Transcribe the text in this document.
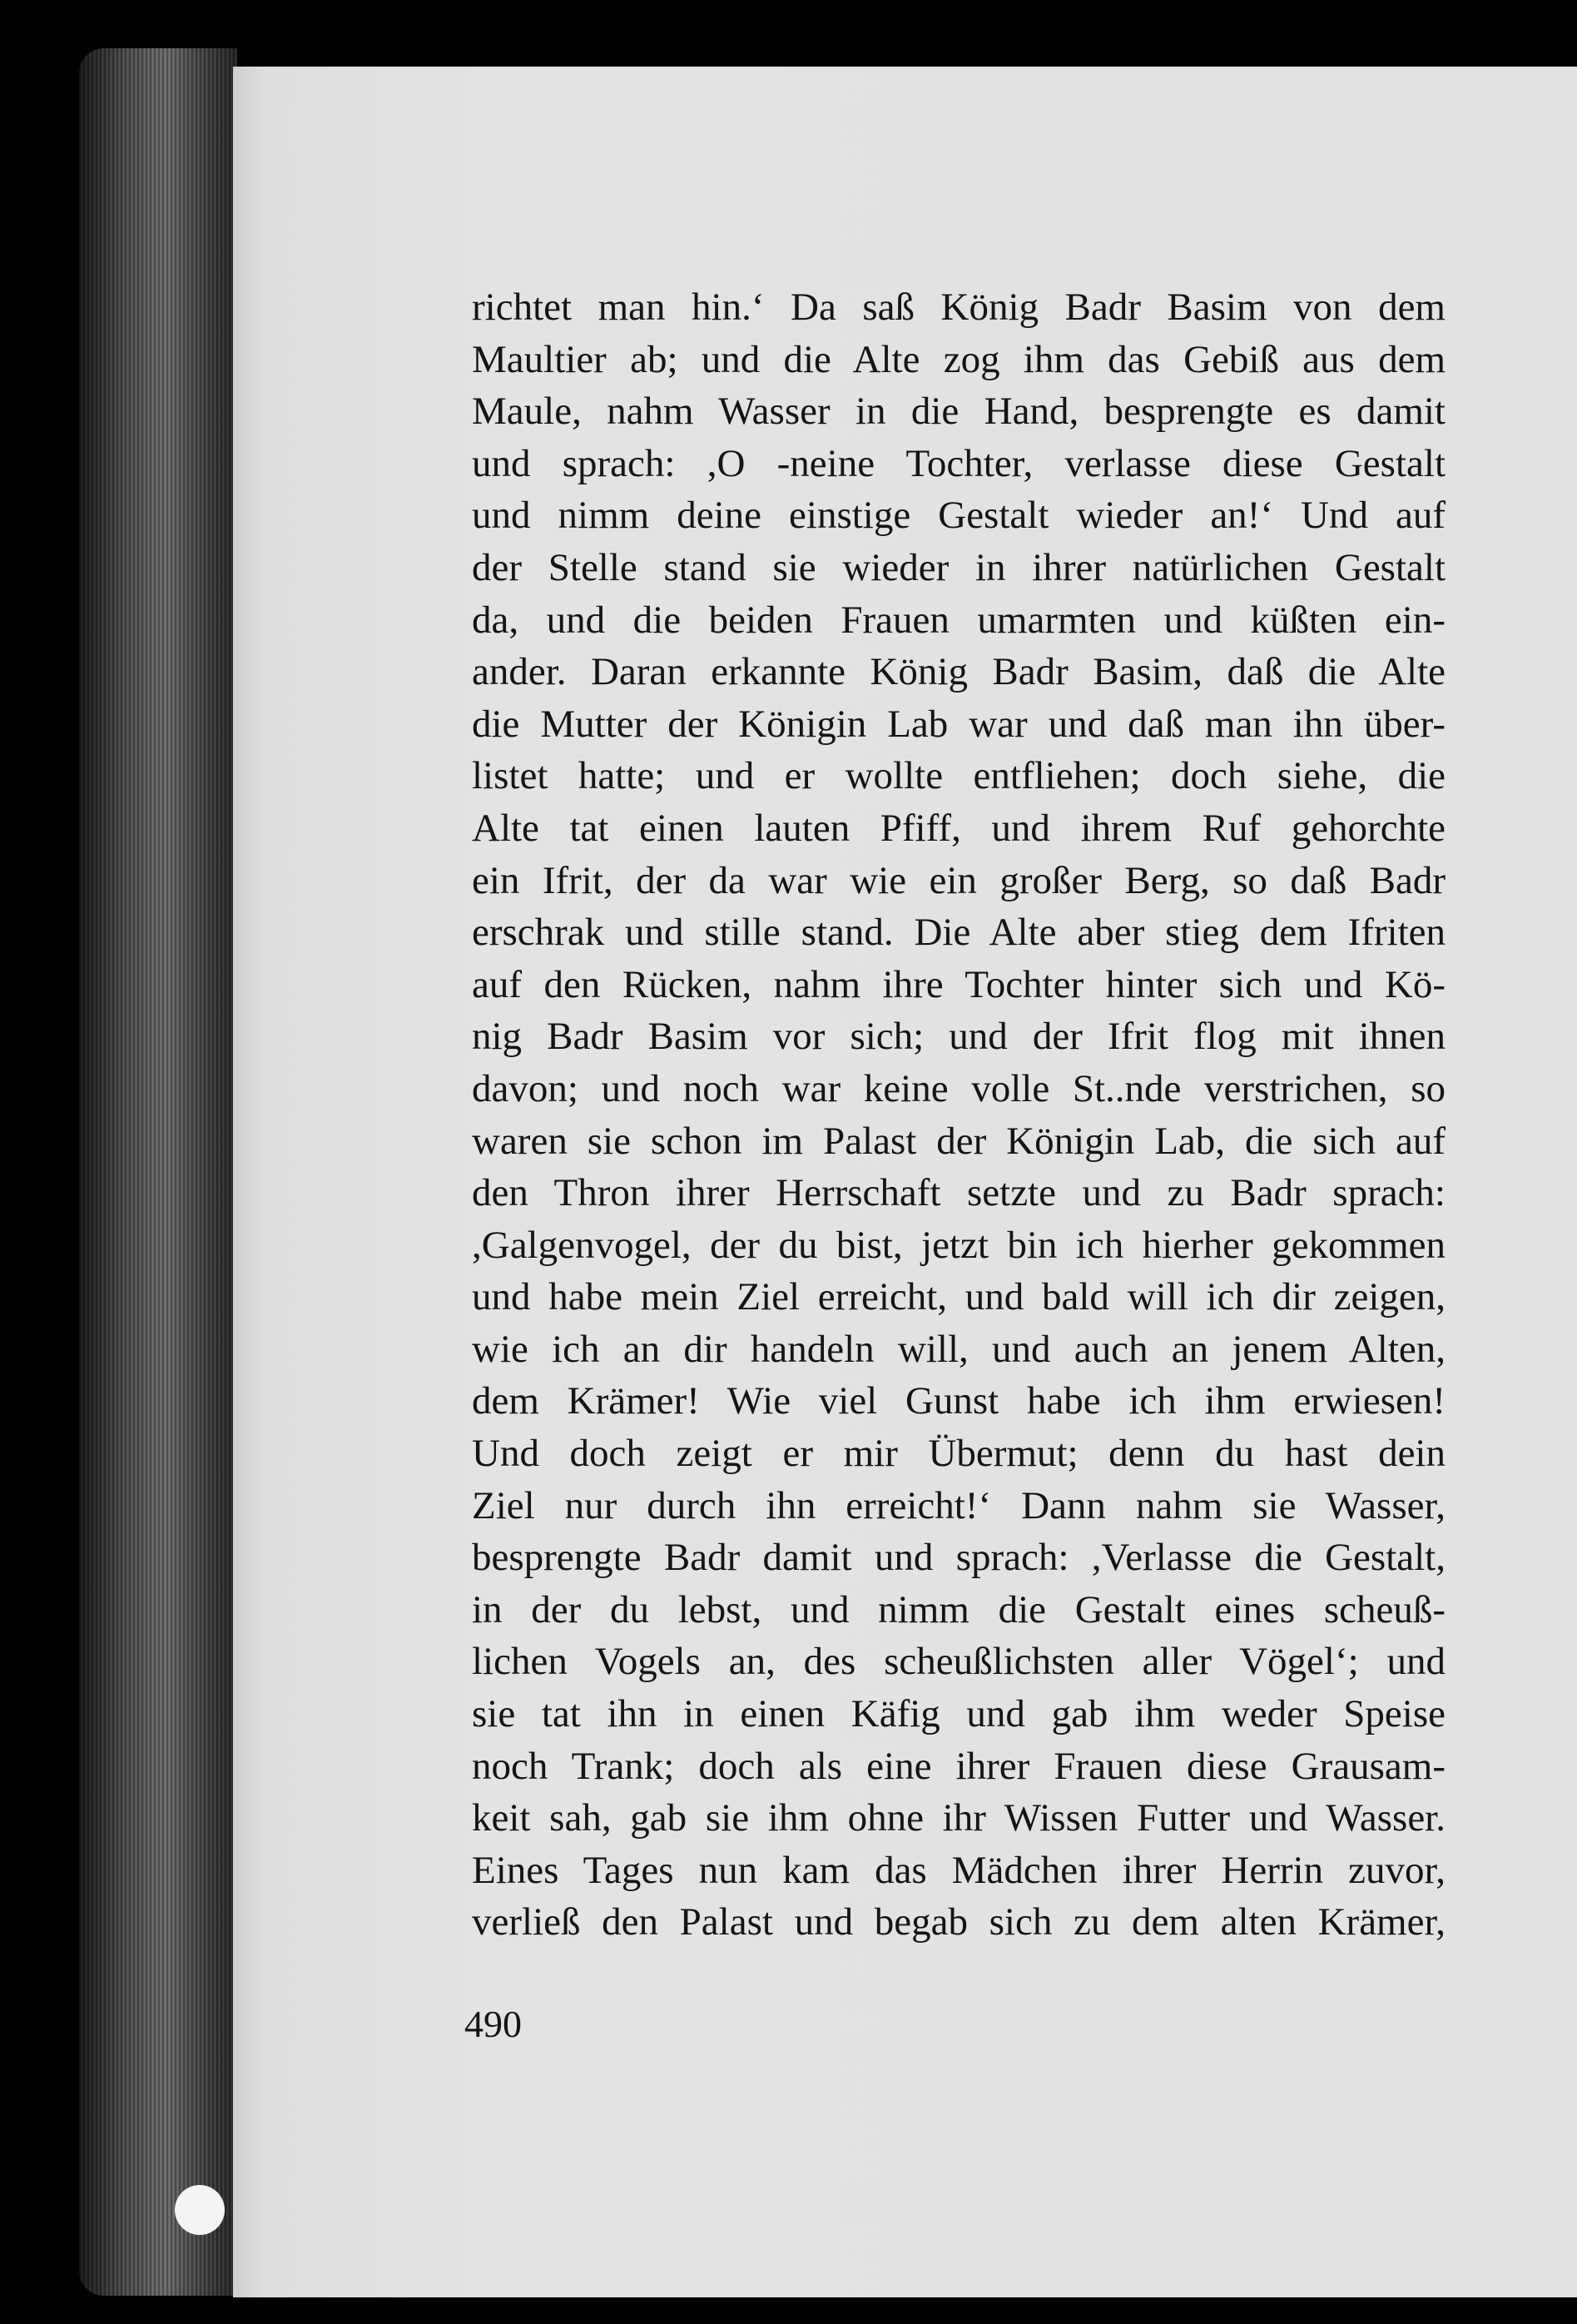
richtet man hin.‘ Da saß König Badr Basim von dem
Maultier ab; und die Alte zog ihm das Gebiß aus dem
Maule, nahm Wasser in die Hand, besprengte es damit
und sprach: ,O ‑neine Tochter, verlasse diese Gestalt
und nimm deine einstige Gestalt wieder an!‘ Und auf
der Stelle stand sie wieder in ihrer natürlichen Gestalt
da, und die beiden Frauen umarmten und küßten ein-
ander. Daran erkannte König Badr Basim, daß die Alte
die Mutter der Königin Lab war und daß man ihn über-
listet hatte; und er wollte entfliehen; doch siehe, die
Alte tat einen lauten Pfiff, und ihrem Ruf gehorchte
ein Ifrit, der da war wie ein großer Berg, so daß Badr
erschrak und stille stand. Die Alte aber stieg dem Ifriten
auf den Rücken, nahm ihre Tochter hinter sich und Kö-
nig Badr Basim vor sich; und der Ifrit flog mit ihnen
davon; und noch war keine volle St..nde verstrichen, so
waren sie schon im Palast der Königin Lab, die sich auf
den Thron ihrer Herrschaft setzte und zu Badr sprach:
,Galgenvogel, der du bist, jetzt bin ich hierher gekommen
und habe mein Ziel erreicht, und bald will ich dir zeigen,
wie ich an dir handeln will, und auch an jenem Alten,
dem Krämer! Wie viel Gunst habe ich ihm erwiesen!
Und doch zeigt er mir Übermut; denn du hast dein
Ziel nur durch ihn erreicht!‘ Dann nahm sie Wasser,
besprengte Badr damit und sprach: ,Verlasse die Gestalt,
in der du lebst, und nimm die Gestalt eines scheuß-
lichen Vogels an, des scheußlichsten aller Vögel‘; und
sie tat ihn in einen Käfig und gab ihm weder Speise
noch Trank; doch als eine ihrer Frauen diese Grausam-
keit sah, gab sie ihm ohne ihr Wissen Futter und Wasser.
Eines Tages nun kam das Mädchen ihrer Herrin zuvor,
verließ den Palast und begab sich zu dem alten Krämer,
490
